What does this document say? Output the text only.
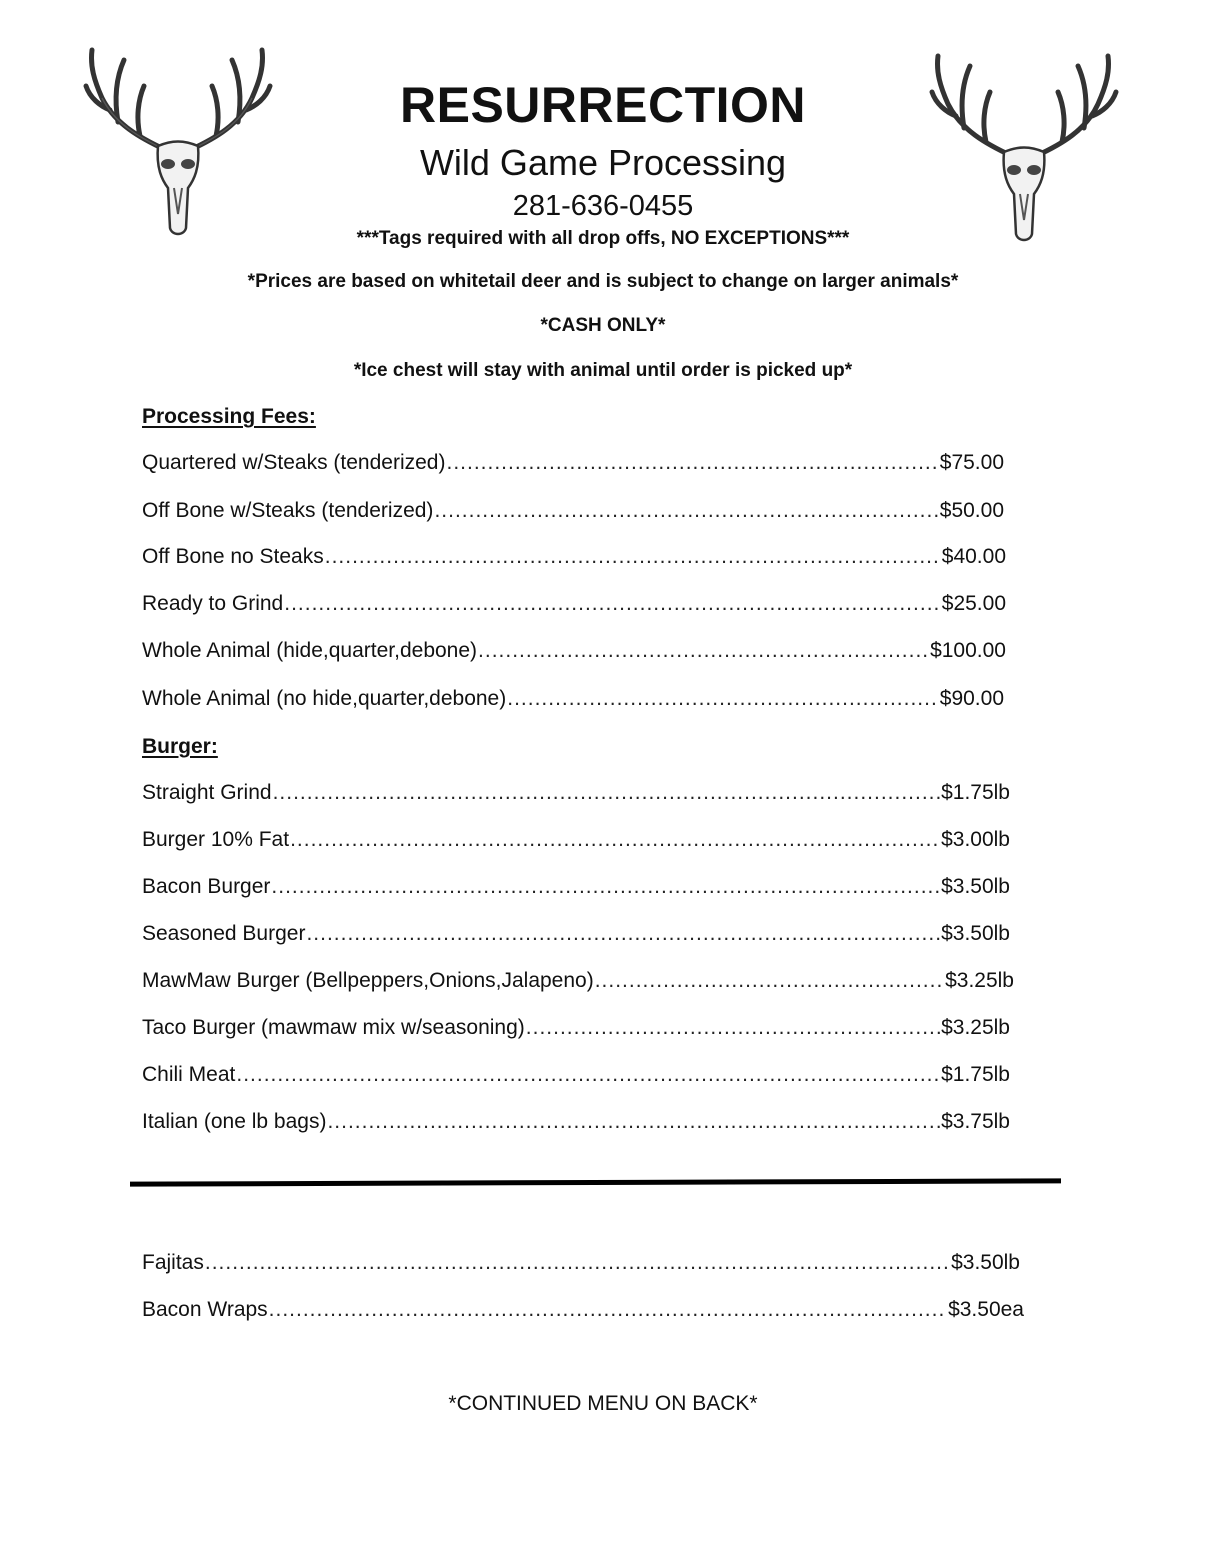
RESURRECTION
Wild Game Processing
281-636-0455
***Tags required with all drop offs, NO EXCEPTIONS***
*Prices are based on whitetail deer and is subject to change on larger animals*
*CASH ONLY*
*Ice chest will stay with animal until order is picked up*
Processing Fees:
Quartered w/Steaks (tenderized) .....	$75.00
Off Bone w/Steaks (tenderized) .....	$50.00
Off Bone no Steaks .....	$40.00
Ready to Grind .....	$25.00
Whole Animal (hide,quarter,debone) .....	$100.00
Whole Animal (no hide,quarter,debone) .....	$90.00
Burger:
Straight Grind .....	$1.75lb
Burger 10% Fat .....	$3.00lb
Bacon Burger .....	$3.50lb
Seasoned Burger .....	$3.50lb
MawMaw Burger (Bellpeppers,Onions,Jalapeno) .....	$3.25lb
Taco Burger (mawmaw mix w/seasoning) .....	$3.25lb
Chili Meat .....	$1.75lb
Italian (one lb bags) .....	$3.75lb
Fajitas .....	$3.50lb
Bacon Wraps .....	$3.50ea
*CONTINUED MENU ON BACK*
